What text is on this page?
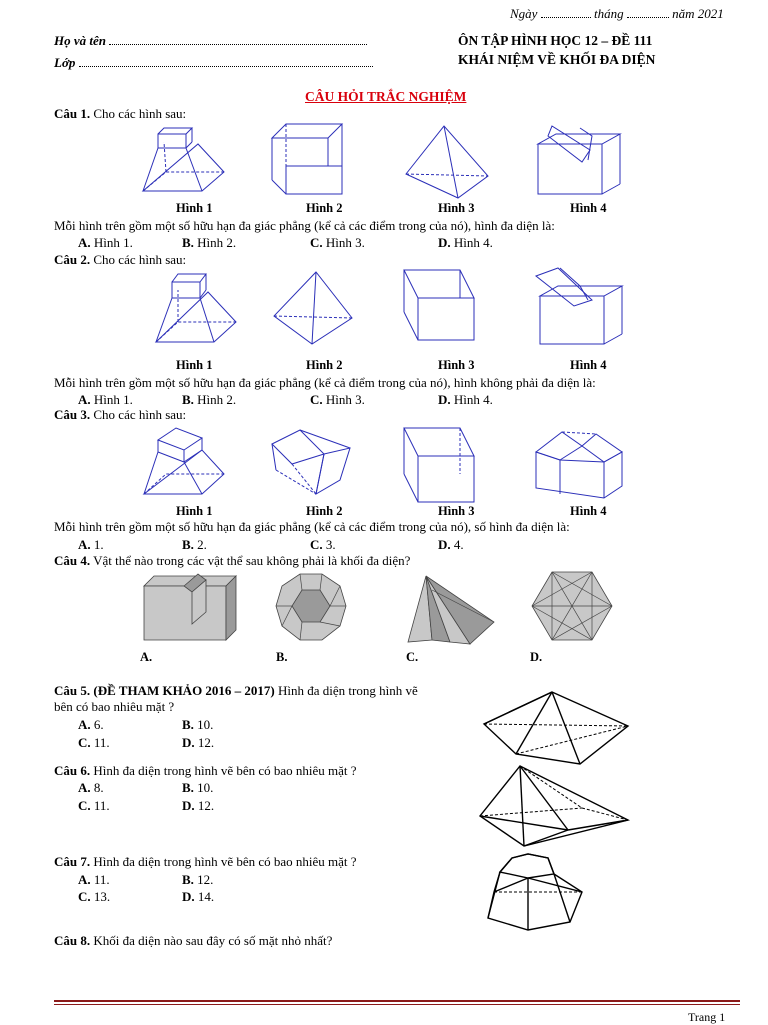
Ngày	tháng	năm 2021
Họ và tên
Lớp
ÔN TẬP HÌNH HỌC 12 – ĐỀ 111
KHÁI NIỆM VỀ KHỐI ĐA DIỆN
CÂU HỎI TRẮC NGHIỆM
Câu 1. Cho các hình sau:
Hình 1	Hình 2	Hình 3	Hình 4
Mỗi hình trên gồm một số hữu hạn đa giác phẳng (kể cả các điểm trong của nó), hình đa diện là:
A. Hình 1.	B. Hình 2.	C. Hình 3.	D. Hình 4.
Câu 2. Cho các hình sau:
Hình 1	Hình 2	Hình 3	Hình 4
Mỗi hình trên gồm một số hữu hạn đa giác phẳng (kể cả điểm trong của nó), hình không phải đa diện là:
A. Hình 1.	B. Hình 2.	C. Hình 3.	D. Hình 4.
Câu 3. Cho các hình sau:
Hình 1	Hình 2	Hình 3	Hình 4
Mỗi hình trên gồm một số hữu hạn đa giác phẳng (kể cả các điểm trong của nó), số hình đa diện là:
A. 1.	B. 2.	C. 3.	D. 4.
Câu 4. Vật thể nào trong các vật thể sau không phải là khối đa diện?
A.	B.	C.	D.
Câu 5. (ĐỀ THAM KHẢO 2016 – 2017) Hình đa diện trong hình vẽ
bên có bao nhiêu mặt ?
A. 6.	B. 10.
C. 11.	D. 12.
Câu 6. Hình đa diện trong hình vẽ bên có bao nhiêu mặt ?
A. 8.	B. 10.
C. 11.	D. 12.
Câu 7. Hình đa diện trong hình vẽ bên có bao nhiêu mặt ?
A. 11.	B. 12.
C. 13.	D. 14.
Câu 8. Khối đa diện nào sau đây có số mặt nhỏ nhất?
Trang 1
